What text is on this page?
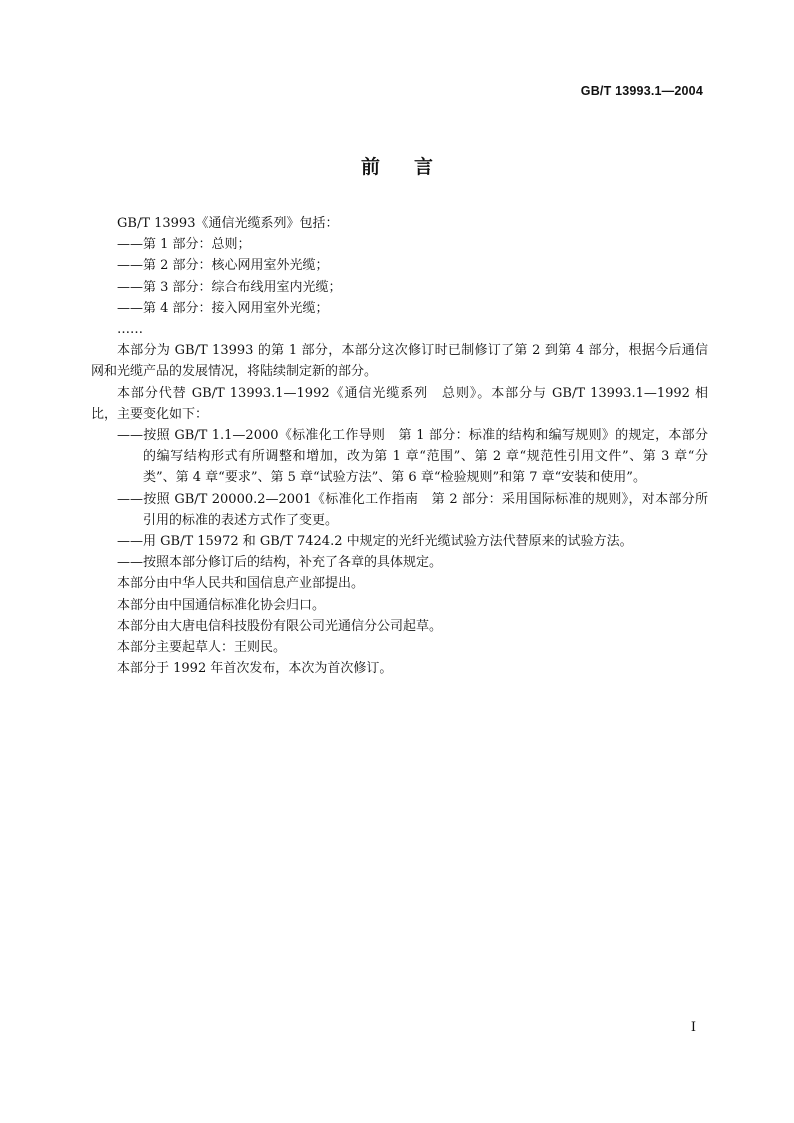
GB/T 13993.1—2004
前言

GB/T 13993《通信光缆系列》包括：

——第 1 部分：总则；

——第 2 部分：核心网用室外光缆；

——第 3 部分：综合布线用室内光缆；

——第 4 部分：接入网用室外光缆；

……

本部分为 GB/T 13993 的第 1 部分，本部分这次修订时已制修订了第 2 到第 4 部分，根据今后通信网和光缆产品的发展情况，将陆续制定新的部分。

本部分代替 GB/T 13993.1—1992《通信光缆系列　总则》。本部分与 GB/T 13993.1—1992 相比，主要变化如下：

——按照 GB/T 1.1—2000《标准化工作导则　第 1 部分：标准的结构和编写规则》的规定，本部分的编写结构形式有所调整和增加，改为第 1 章“范围”、第 2 章“规范性引用文件”、第 3 章“分类”、第 4 章“要求”、第 5 章“试验方法”、第 6 章“检验规则”和第 7 章“安装和使用”。

——按照 GB/T 20000.2—2001《标准化工作指南　第 2 部分：采用国际标准的规则》，对本部分所引用的标准的表述方式作了变更。

——用 GB/T 15972 和 GB/T 7424.2 中规定的光纤光缆试验方法代替原来的试验方法。

——按照本部分修订后的结构，补充了各章的具体规定。

本部分由中华人民共和国信息产业部提出。

本部分由中国通信标准化协会归口。

本部分由大唐电信科技股份有限公司光通信分公司起草。

本部分主要起草人：王则民。

本部分于 1992 年首次发布，本次为首次修订。

I
